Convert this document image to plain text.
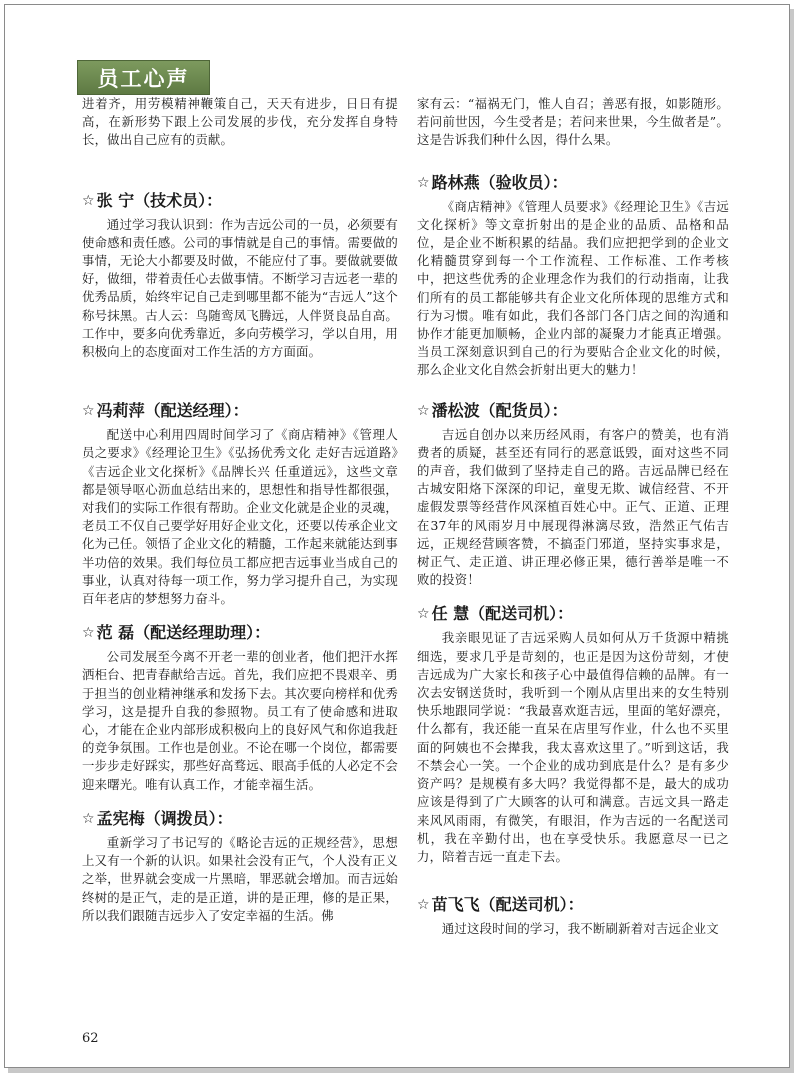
员工心声

进着齐，用劳模精神鞭策自己，天天有进步，日日有提高，在新形势下跟上公司发展的步伐，充分发挥自身特长，做出自己应有的贡献。

☆ 张 宁（技术员）：

通过学习我认识到：作为吉远公司的一员，必须要有使命感和责任感。公司的事情就是自己的事情。需要做的事情，无论大小都要及时做，不能应付了事。要做就要做好，做细，带着责任心去做事情。不断学习吉远老一辈的优秀品质，始终牢记自己走到哪里都不能为“吉远人”这个称号抹黑。古人云：鸟随鸾凤飞腾远，人伴贤良品自高。工作中，要多向优秀靠近，多向劳模学习，学以自用，用积极向上的态度面对工作生活的方方面面。

☆ 冯莉萍（配送经理）：

配送中心利用四周时间学习了《商店精神》《管理人员之要求》《经理论卫生》《弘扬优秀文化 走好吉远道路》《吉远企业文化探析》《品牌长兴 任重道远》，这些文章都是领导呕心沥血总结出来的，思想性和指导性都很强，对我们的实际工作很有帮助。企业文化就是企业的灵魂，老员工不仅自己要学好用好企业文化，还要以传承企业文化为己任。领悟了企业文化的精髓，工作起来就能达到事半功倍的效果。我们每位员工都应把吉远事业当成自己的事业，认真对待每一项工作，努力学习提升自己，为实现百年老店的梦想努力奋斗。

☆ 范 磊（配送经理助理）：

公司发展至今离不开老一辈的创业者，他们把汗水挥洒柜台、把青春献给吉远。首先，我们应把不畏艰辛、勇于担当的创业精神继承和发扬下去。其次要向榜样和优秀学习，这是提升自我的参照物。员工有了使命感和进取心，才能在企业内部形成积极向上的良好风气和你追我赶的竞争氛围。工作也是创业。不论在哪一个岗位，都需要一步步走好踩实，那些好高骛远、眼高手低的人必定不会迎来曙光。唯有认真工作，才能幸福生活。

☆ 孟宪梅（调拨员）：

重新学习了书记写的《略论吉远的正规经营》，思想上又有一个新的认识。如果社会没有正气，个人没有正义之举，世界就会变成一片黑暗，罪恶就会增加。而吉远始终树的是正气，走的是正道，讲的是正理，修的是正果，所以我们跟随吉远步入了安定幸福的生活。佛

家有云：“福祸无门，惟人自召；善恶有报，如影随形。若问前世因，今生受者是；若问来世果，今生做者是”。这是告诉我们种什么因，得什么果。

☆ 路林燕（验收员）：

《商店精神》《管理人员要求》《经理论卫生》《吉远文化探析》等文章折射出的是企业的品质、品格和品位，是企业不断积累的结晶。我们应把把学到的企业文化精髓贯穿到每一个工作流程、工作标准、工作考核中，把这些优秀的企业理念作为我们的行动指南，让我们所有的员工都能够共有企业文化所体现的思维方式和行为习惯。唯有如此，我们各部门各门店之间的沟通和协作才能更加顺畅，企业内部的凝聚力才能真正增强。当员工深刻意识到自己的行为要贴合企业文化的时候，那么企业文化自然会折射出更大的魅力！

☆ 潘松波（配货员）：

吉远自创办以来历经风雨，有客户的赞美，也有消费者的质疑，甚至还有同行的恶意诋毁，面对这些不同的声音，我们做到了坚持走自己的路。吉远品牌已经在古城安阳烙下深深的印记，童叟无欺、诚信经营、不开虚假发票等经营作风深植百姓心中。正气、正道、正理在37年的风雨岁月中展现得淋漓尽致，浩然正气佑吉远，正规经营顾客赞，不搞歪门邪道，坚持实事求是，树正气、走正道、讲正理必修正果，德行善举是唯一不败的投资！

☆ 任 慧（配送司机）：

我亲眼见证了吉远采购人员如何从万千货源中精挑细选，要求几乎是苛刻的，也正是因为这份苛刻，才使吉远成为广大家长和孩子心中最值得信赖的品牌。有一次去安钢送货时，我听到一个刚从店里出来的女生特别快乐地跟同学说：“我最喜欢逛吉远，里面的笔好漂亮，什么都有，我还能一直呆在店里写作业，什么也不买里面的阿姨也不会撵我，我太喜欢这里了。”听到这话，我不禁会心一笑。一个企业的成功到底是什么？是有多少资产吗？是规模有多大吗？我觉得都不是，最大的成功应该是得到了广大顾客的认可和满意。吉远文具一路走来风风雨雨，有微笑，有眼泪，作为吉远的一名配送司机，我在辛勤付出，也在享受快乐。我愿意尽一已之力，陪着吉远一直走下去。

☆ 苗飞飞（配送司机）：

通过这段时间的学习，我不断刷新着对吉远企业文

62
